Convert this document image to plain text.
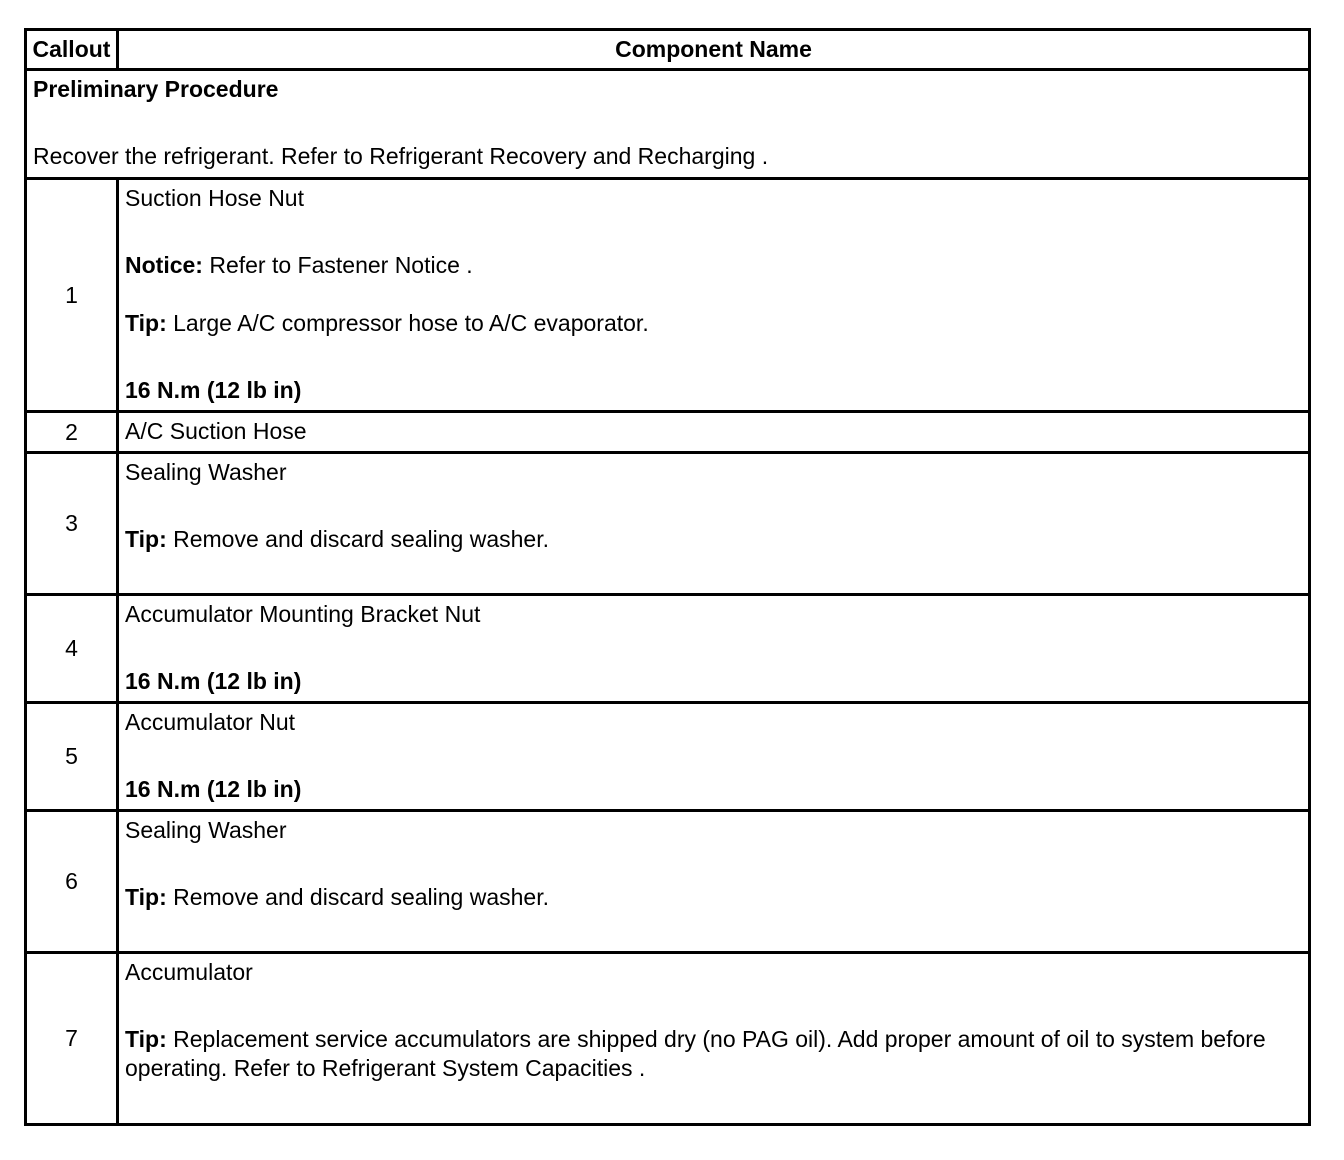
Callout	Component Name

Preliminary Procedure

Recover the refrigerant. Refer to Refrigerant Recovery and Recharging .

1

Suction Hose Nut

Notice: Refer to Fastener Notice .

Tip: Large A/C compressor hose to A/C evaporator.

16 N.m (12 lb in)

2	A/C Suction Hose

3

Sealing Washer

Tip: Remove and discard sealing washer.

4

Accumulator Mounting Bracket Nut

16 N.m (12 lb in)

5

Accumulator Nut

16 N.m (12 lb in)

6

Sealing Washer

Tip: Remove and discard sealing washer.

7

Accumulator

Tip: Replacement service accumulators are shipped dry (no PAG oil). Add proper amount of oil to system before operating. Refer to Refrigerant System Capacities .
